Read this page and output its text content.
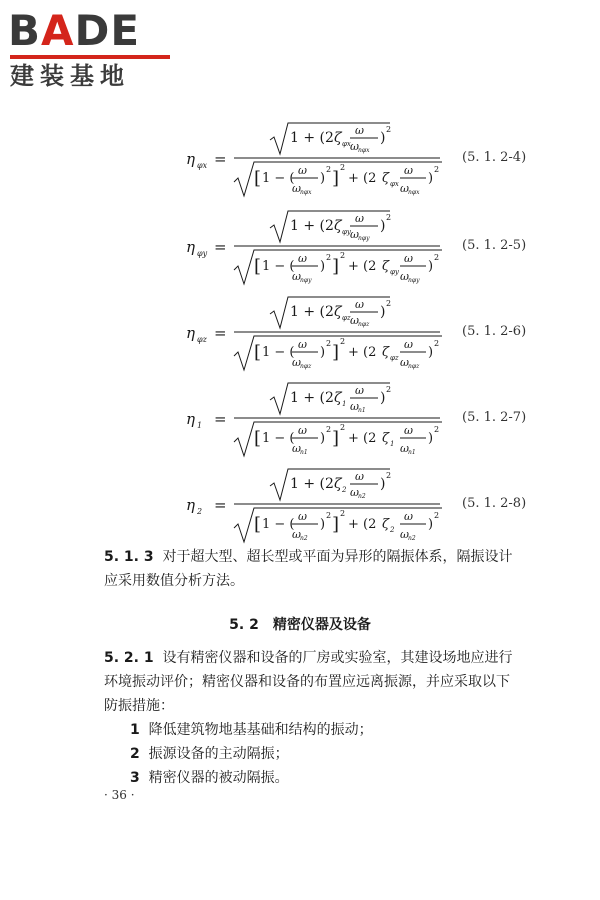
BADE
建装基地
η φx =
1 + (2 ζ φx
ω
ω nφx
)
2
[ 1 − (
ω
ω nφx
)
2 ]
2
+ (2 ζ φx
ω
ω nφx
)
2
(5. 1. 2-4)
η φy =
1 + (2 ζ φy
ω
ω nφy
)
2
[ 1 − (
ω
ω nφy
)
2 ]
2
+ (2 ζ φy
ω
ω nφy
)
2
(5. 1. 2-5)
η φz =
1 + (2 ζ φz
ω
ω nφz
)
2
[ 1 − (
ω
ω nφz
)
2 ]
2
+ (2 ζ φz
ω
ω nφz
)
2
(5. 1. 2-6)
η 1 =
1 + (2 ζ 1
ω
ω n1
)
2
[ 1 − (
ω
ω n1
)
2 ]
2
+ (2 ζ 1
ω
ω n1
)
2
(5. 1. 2-7)
η 2 =
1 + (2 ζ 2
ω
ω n2
)
2
[ 1 − (
ω
ω n2
)
2 ]
2
+ (2 ζ 2
ω
ω n2
)
2
(5. 1. 2-8)
5. 1. 3 对于超大型、超长型或平面为异形的隔振体系，隔振设计
应采用数值分析方法。
5. 2　精密仪器及设备
5. 2. 1 设有精密仪器和设备的厂房或实验室，其建设场地应进行
环境振动评价；精密仪器和设备的布置应远离振源，并应采取以下
防振措施：
1 降低建筑物地基基础和结构的振动；
2 振源设备的主动隔振；
3 精密仪器的被动隔振。
· 36 ·
